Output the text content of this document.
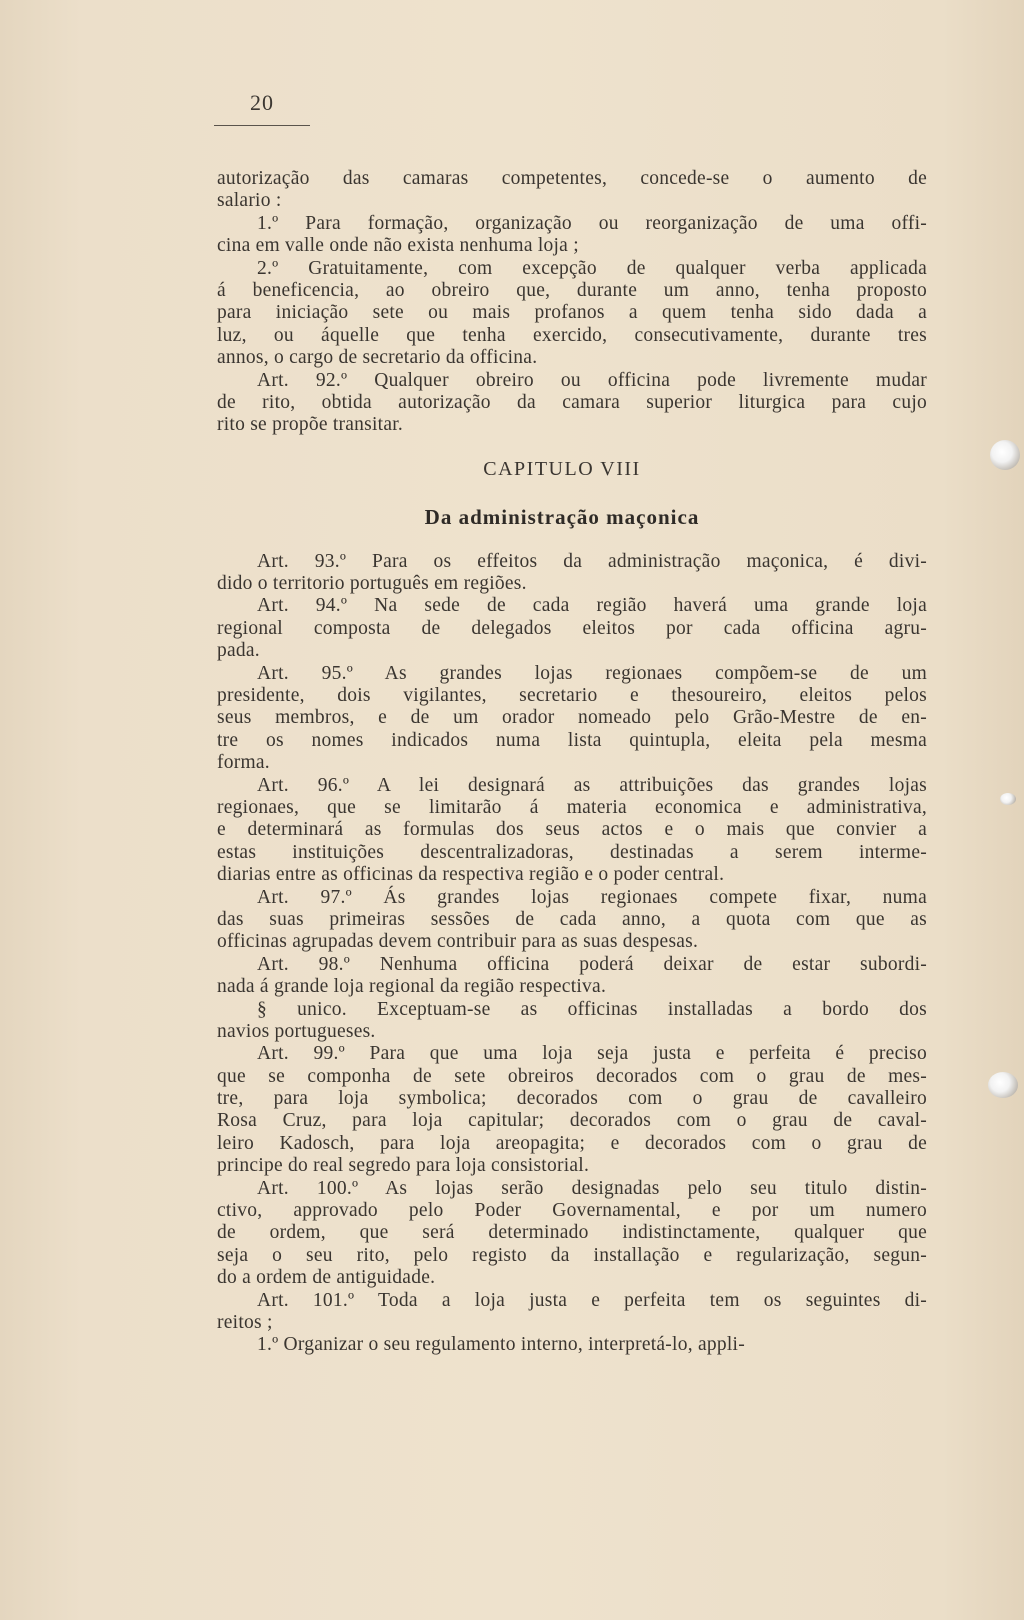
20
autorização das camaras competentes, concede-se o aumento de
salario :
1.º Para formação, organização ou reorganização de uma offi-
cina em valle onde não exista nenhuma loja ;
2.º Gratuitamente, com excepção de qualquer verba applicada
á beneficencia, ao obreiro que, durante um anno, tenha proposto
para iniciação sete ou mais profanos a quem tenha sido dada a
luz, ou áquelle que tenha exercido, consecutivamente, durante tres
annos, o cargo de secretario da officina.
Art. 92.º Qualquer obreiro ou officina pode livremente mudar
de rito, obtida autorização da camara superior liturgica para cujo
rito se propõe transitar.
CAPITULO VIII
Da administração maçonica
Art. 93.º Para os effeitos da administração maçonica, é divi-
dido o territorio português em regiões.
Art. 94.º Na sede de cada região haverá uma grande loja
regional composta de delegados eleitos por cada officina agru-
pada.
Art. 95.º As grandes lojas regionaes compõem-se de um
presidente, dois vigilantes, secretario e thesoureiro, eleitos pelos
seus membros, e de um orador nomeado pelo Grão-Mestre de en-
tre os nomes indicados numa lista quintupla, eleita pela mesma
forma.
Art. 96.º A lei designará as attribuições das grandes lojas
regionaes, que se limitarão á materia economica e administrativa,
e determinará as formulas dos seus actos e o mais que convier a
estas instituições descentralizadoras, destinadas a serem interme-
diarias entre as officinas da respectiva região e o poder central.
Art. 97.º Ás grandes lojas regionaes compete fixar, numa
das suas primeiras sessões de cada anno, a quota com que as
officinas agrupadas devem contribuir para as suas despesas.
Art. 98.º Nenhuma officina poderá deixar de estar subordi-
nada á grande loja regional da região respectiva.
§ unico. Exceptuam-se as officinas installadas a bordo dos
navios portugueses.
Art. 99.º Para que uma loja seja justa e perfeita é preciso
que se componha de sete obreiros decorados com o grau de mes-
tre, para loja symbolica; decorados com o grau de cavalleiro
Rosa Cruz, para loja capitular; decorados com o grau de caval-
leiro Kadosch, para loja areopagita; e decorados com o grau de
principe do real segredo para loja consistorial.
Art. 100.º As lojas serão designadas pelo seu titulo distin-
ctivo, approvado pelo Poder Governamental, e por um numero
de ordem, que será determinado indistinctamente, qualquer que
seja o seu rito, pelo registo da installação e regularização, segun-
do a ordem de antiguidade.
Art. 101.º Toda a loja justa e perfeita tem os seguintes di-
reitos ;
1.º Organizar o seu regulamento interno, interpretá-lo, appli-
